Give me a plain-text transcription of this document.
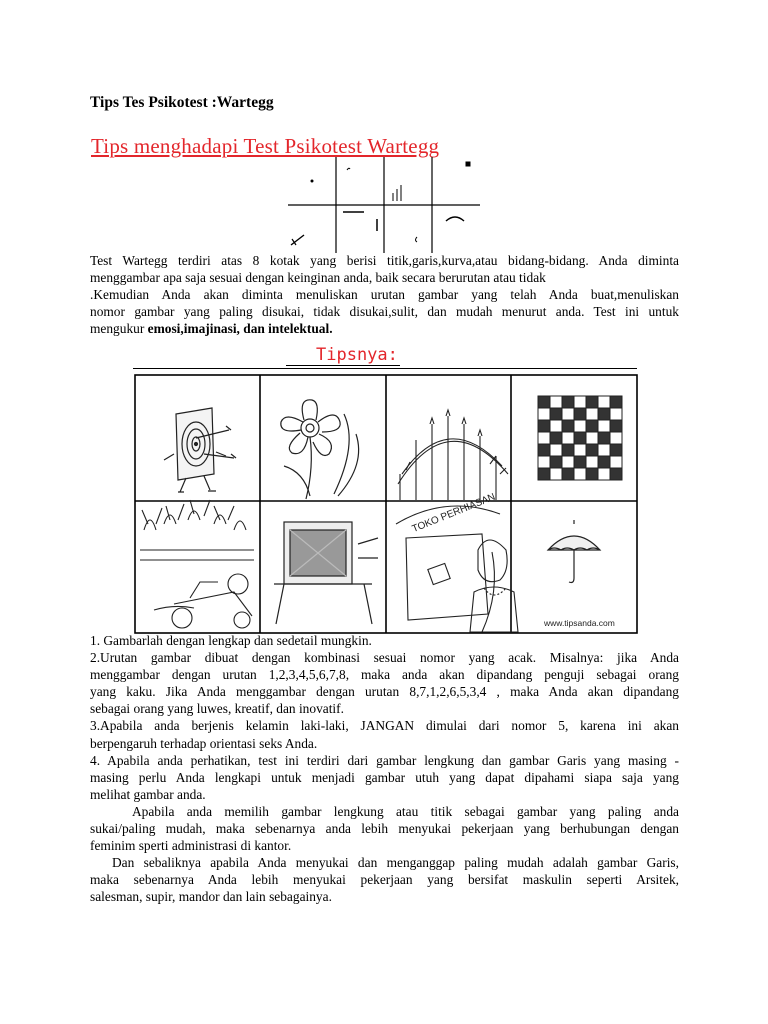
Tips Tes Psikotest :Wartegg
Tips menghadapi Test Psikotest Wartegg

Test Wartegg terdiri atas 8 kotak yang berisi titik,garis,kurva,atau bidang-bidang. Anda diminta

menggambar apa saja sesuai dengan keinginan anda, baik secara berurutan atau tidak

.Kemudian Anda akan diminta menuliskan urutan gambar yang telah Anda buat,menuliskan

nomor gambar yang paling disukai, tidak disukai,sulit, dan mudah menurut anda. Test ini untuk

mengukur emosi,imajinasi, dan intelektual.

Tipsnya:
TOKO PERHIASAN
www.tipsanda.com

1. Gambarlah dengan lengkap dan sedetail mungkin.

2.Urutan gambar dibuat dengan kombinasi sesuai nomor yang acak. Misalnya: jika Anda

menggambar dengan urutan 1,2,3,4,5,6,7,8, maka anda akan dipandang penguji sebagai orang

yang kaku. Jika Anda menggambar dengan urutan 8,7,1,2,6,5,3,4 , maka Anda akan dipandang

sebagai orang yang luwes, kreatif, dan inovatif.

3.Apabila anda berjenis kelamin laki-laki, JANGAN dimulai dari nomor 5, karena ini akan

berpengaruh terhadap orientasi seks Anda.

4. Apabila anda perhatikan, test ini terdiri dari gambar lengkung dan gambar Garis yang masing -

masing perlu Anda lengkapi untuk menjadi gambar utuh yang dapat dipahami siapa saja yang

melihat gambar anda.

Apabila anda memilih gambar lengkung atau titik sebagai gambar yang paling anda

sukai/paling mudah, maka sebenarnya anda lebih menyukai pekerjaan yang berhubungan dengan

feminim sperti administrasi di kantor.

Dan sebaliknya apabila Anda menyukai dan menganggap paling mudah adalah gambar Garis,

maka sebenarnya Anda lebih menyukai pekerjaan yang bersifat maskulin seperti Arsitek,

salesman, supir, mandor dan lain sebagainya.
